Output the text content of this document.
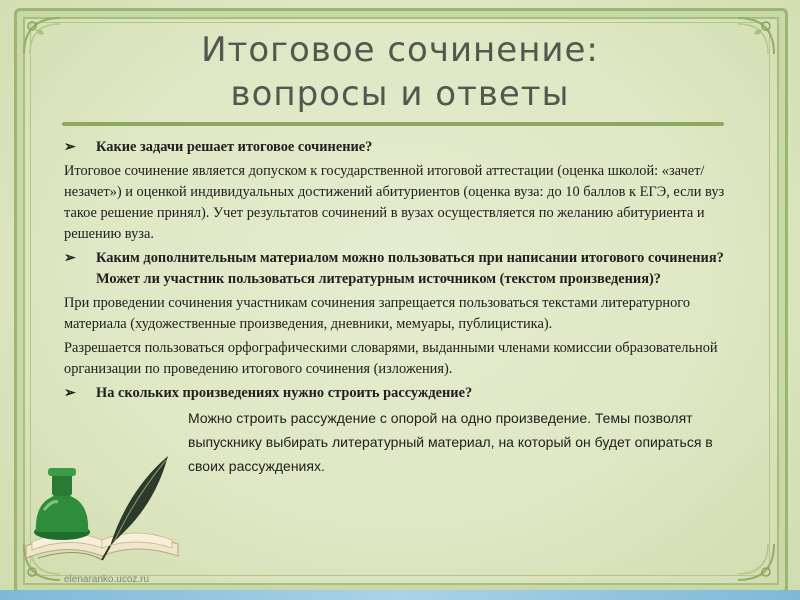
Итоговое сочинение:
вопросы и ответы
➢ Какие задачи решает итоговое сочинение?
Итоговое сочинение является допуском к государственной итоговой аттестации (оценка школой: «зачет/незачет») и оценкой индивидуальных достижений абитуриентов (оценка вуза: до 10 баллов к ЕГЭ, если вуз такое решение принял). Учет результатов сочинений в вузах осуществляется по желанию абитуриента и решению вуза.
➢ Каким дополнительным материалом можно пользоваться при написании итогового сочинения? Может ли участник пользоваться литературным источником (текстом произведения)?
При проведении сочинения участникам сочинения запрещается пользоваться текстами литературного материала (художественные произведения, дневники, мемуары, публицистика).
Разрешается пользоваться орфографическими словарями, выданными членами комиссии образовательной организации по проведению итогового сочинения (изложения).
➢ На скольких произведениях нужно строить рассуждение?
Можно строить рассуждение с опорой на одно произведение. Темы позволят выпускнику выбирать литературный материал, на который он будет опираться в своих рассуждениях.
elenaranko.ucoz.ru
